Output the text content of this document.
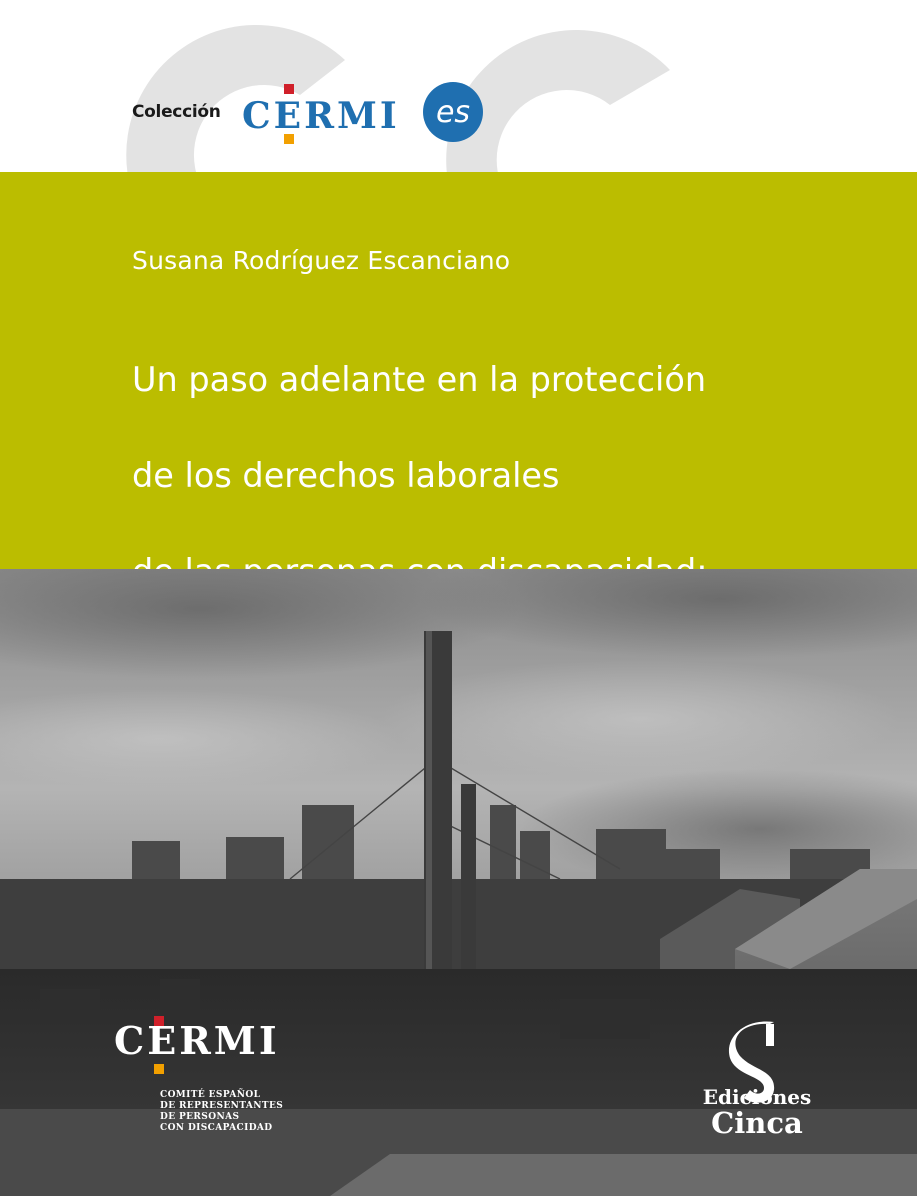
Colección CERMI es
Susana Rodríguez Escanciano

Un paso adelante en la protección

de los derechos laborales

CERMI
COMITÉ ESPAÑOL
DE REPRESENTANTES
DE PERSONAS
CON DISCAPACIDAD
Ediciones
Cinca
